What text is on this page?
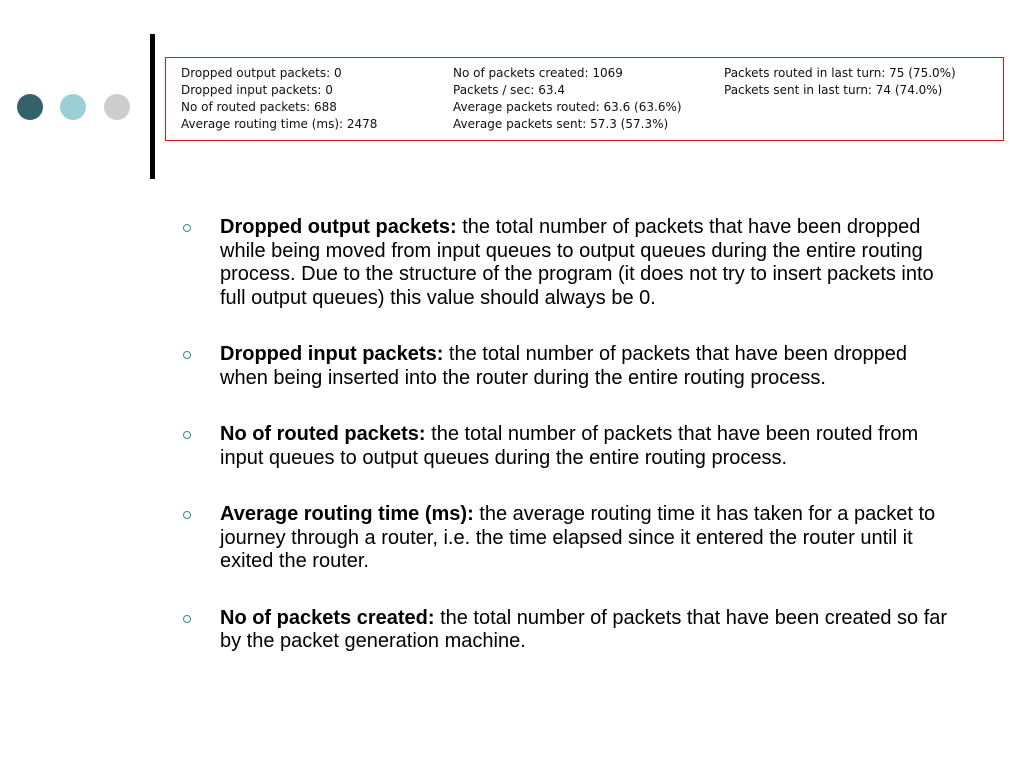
Dropped output packets: 0
Dropped input packets: 0
No of routed packets: 688
Average routing time (ms): 2478
No of packets created: 1069
Packets / sec: 63.4
Average packets routed: 63.6 (63.6%)
Average packets sent: 57.3 (57.3%)
Packets routed in last turn: 75 (75.0%)
Packets sent in last turn: 74 (74.0%)
Dropped output packets: the total number of packets that have been dropped while being moved from input queues to output queues during the entire routing process. Due to the structure of the program (it does not try to insert packets into full output queues) this value should always be 0.
Dropped input packets: the total number of packets that have been dropped when being inserted into the router during the entire routing process.
No of routed packets: the total number of packets that have been routed from input queues to output queues during the entire routing process.
Average routing time (ms): the average routing time it has taken for a packet to journey through a router, i.e. the time elapsed since it entered the router until it exited the router.
No of packets created: the total number of packets that have been created so far by the packet generation machine.
